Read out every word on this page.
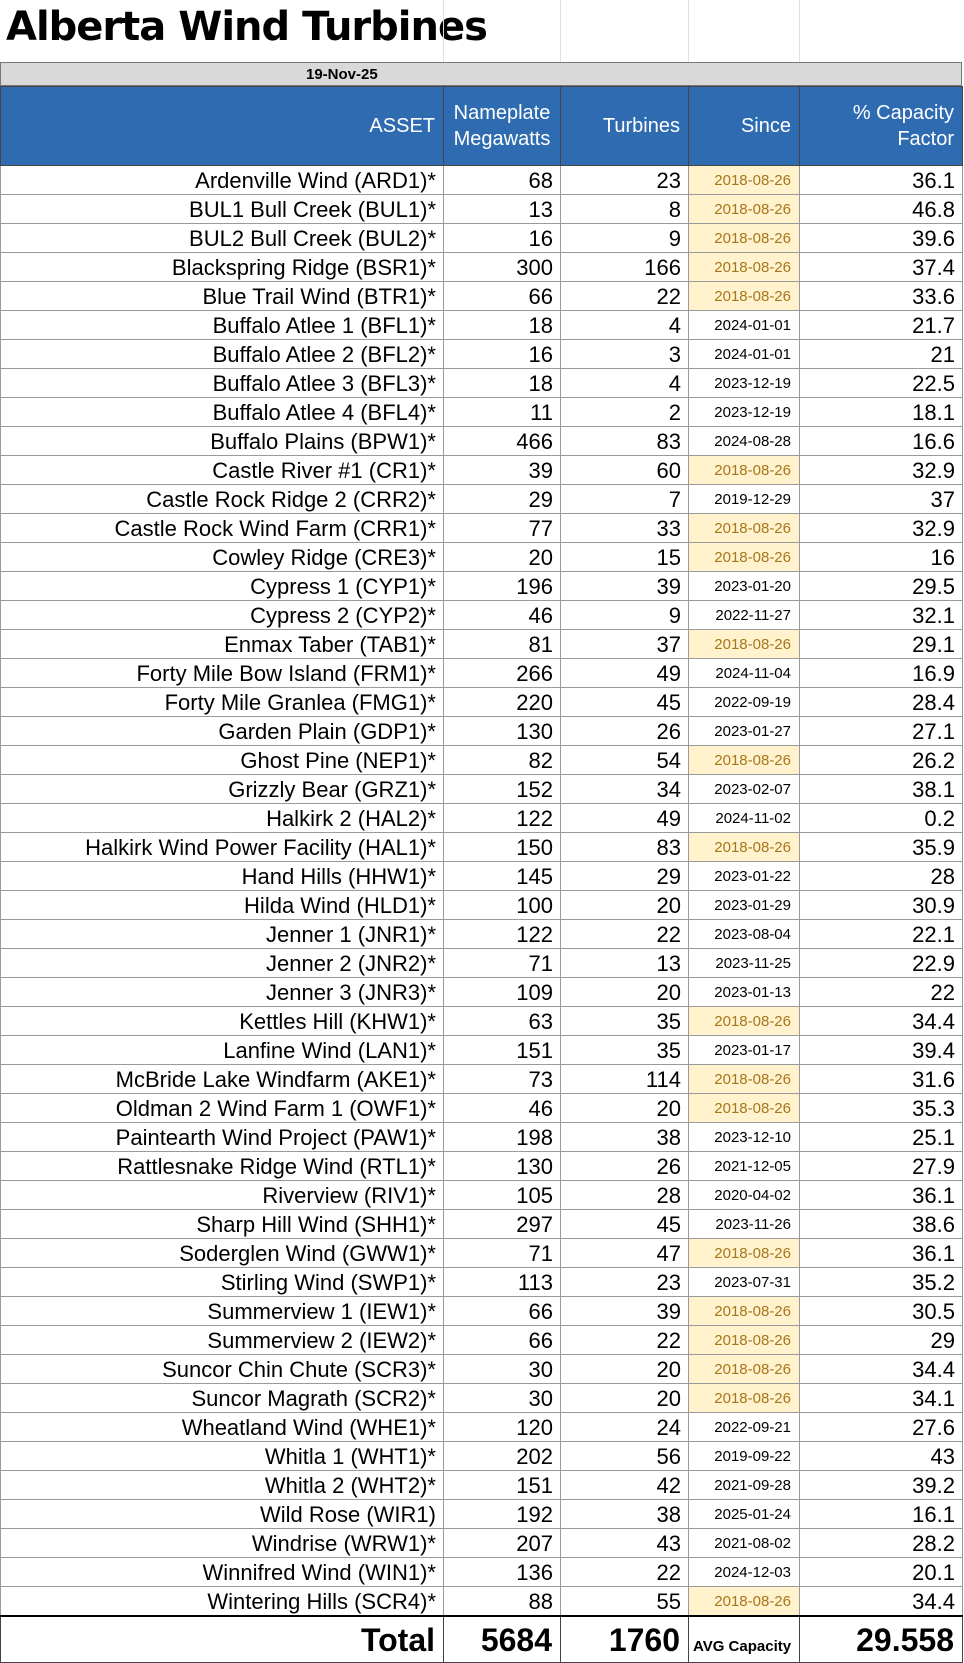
Alberta Wind Turbines
19-Nov-25
ASSET	Nameplate Megawatts	Turbines	Since	% Capacity Factor
Ardenville Wind (ARD1)*	68	23	2018-08-26	36.1
BUL1 Bull Creek (BUL1)*	13	8	2018-08-26	46.8
BUL2 Bull Creek (BUL2)*	16	9	2018-08-26	39.6
Blackspring Ridge (BSR1)*	300	166	2018-08-26	37.4
Blue Trail Wind (BTR1)*	66	22	2018-08-26	33.6
Buffalo Atlee 1 (BFL1)*	18	4	2024-01-01	21.7
Buffalo Atlee 2 (BFL2)*	16	3	2024-01-01	21
Buffalo Atlee 3 (BFL3)*	18	4	2023-12-19	22.5
Buffalo Atlee 4 (BFL4)*	11	2	2023-12-19	18.1
Buffalo Plains (BPW1)*	466	83	2024-08-28	16.6
Castle River #1 (CR1)*	39	60	2018-08-26	32.9
Castle Rock Ridge 2 (CRR2)*	29	7	2019-12-29	37
Castle Rock Wind Farm (CRR1)*	77	33	2018-08-26	32.9
Cowley Ridge (CRE3)*	20	15	2018-08-26	16
Cypress 1 (CYP1)*	196	39	2023-01-20	29.5
Cypress 2 (CYP2)*	46	9	2022-11-27	32.1
Enmax Taber (TAB1)*	81	37	2018-08-26	29.1
Forty Mile Bow Island (FRM1)*	266	49	2024-11-04	16.9
Forty Mile Granlea (FMG1)*	220	45	2022-09-19	28.4
Garden Plain (GDP1)*	130	26	2023-01-27	27.1
Ghost Pine (NEP1)*	82	54	2018-08-26	26.2
Grizzly Bear (GRZ1)*	152	34	2023-02-07	38.1
Halkirk 2 (HAL2)*	122	49	2024-11-02	0.2
Halkirk Wind Power Facility (HAL1)*	150	83	2018-08-26	35.9
Hand Hills (HHW1)*	145	29	2023-01-22	28
Hilda Wind (HLD1)*	100	20	2023-01-29	30.9
Jenner 1 (JNR1)*	122	22	2023-08-04	22.1
Jenner 2 (JNR2)*	71	13	2023-11-25	22.9
Jenner 3 (JNR3)*	109	20	2023-01-13	22
Kettles Hill (KHW1)*	63	35	2018-08-26	34.4
Lanfine Wind (LAN1)*	151	35	2023-01-17	39.4
McBride Lake Windfarm (AKE1)*	73	114	2018-08-26	31.6
Oldman 2 Wind Farm 1 (OWF1)*	46	20	2018-08-26	35.3
Paintearth Wind Project (PAW1)*	198	38	2023-12-10	25.1
Rattlesnake Ridge Wind (RTL1)*	130	26	2021-12-05	27.9
Riverview (RIV1)*	105	28	2020-04-02	36.1
Sharp Hill Wind (SHH1)*	297	45	2023-11-26	38.6
Soderglen Wind (GWW1)*	71	47	2018-08-26	36.1
Stirling Wind (SWP1)*	113	23	2023-07-31	35.2
Summerview 1 (IEW1)*	66	39	2018-08-26	30.5
Summerview 2 (IEW2)*	66	22	2018-08-26	29
Suncor Chin Chute (SCR3)*	30	20	2018-08-26	34.4
Suncor Magrath (SCR2)*	30	20	2018-08-26	34.1
Wheatland Wind (WHE1)*	120	24	2022-09-21	27.6
Whitla 1 (WHT1)*	202	56	2019-09-22	43
Whitla 2 (WHT2)*	151	42	2021-09-28	39.2
Wild Rose (WIR1)	192	38	2025-01-24	16.1
Windrise (WRW1)*	207	43	2021-08-02	28.2
Winnifred Wind (WIN1)*	136	22	2024-12-03	20.1
Wintering Hills (SCR4)*	88	55	2018-08-26	34.4
Total	5684	1760	AVG Capacity	29.558
